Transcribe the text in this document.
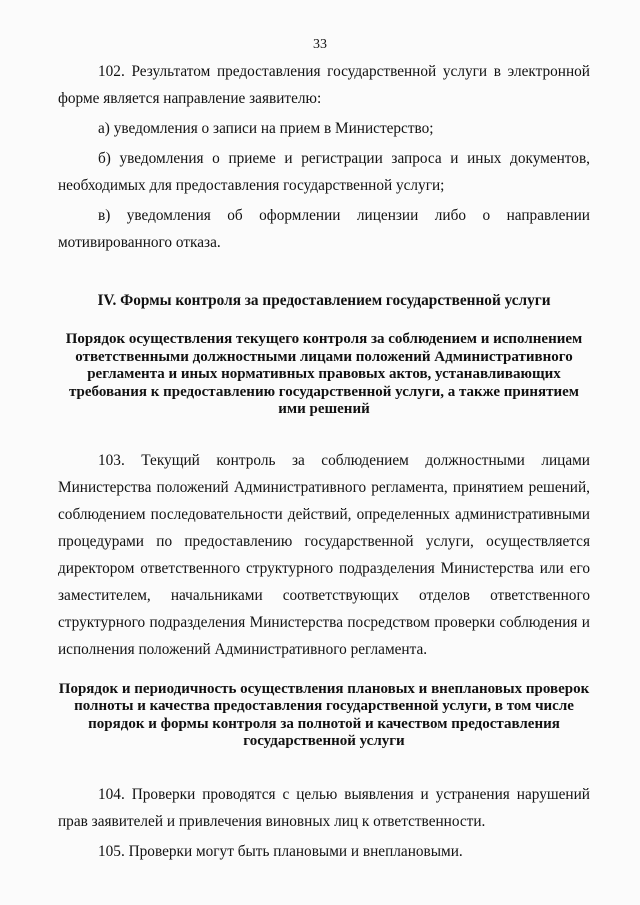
33

102. Результатом предоставления государственной услуги в электронной форме является направление заявителю:

а) уведомления о записи на прием в Министерство;

б) уведомления о приеме и регистрации запроса и иных документов, необходимых для предоставления государственной услуги;

в) уведомления об оформлении лицензии либо о направлении мотивированного отказа.

IV. Формы контроля за предоставлением государственной услуги
Порядок осуществления текущего контроля за соблюдением и исполнением ответственными должностными лицами положений Административного регламента и иных нормативных правовых актов, устанавливающих требования к предоставлению государственной услуги, а также принятием ими решений

103. Текущий контроль за соблюдением должностными лицами Министерства положений Административного регламента, принятием решений, соблюдением последовательности действий, определенных административными процедурами по предоставлению государственной услуги, осуществляется директором ответственного структурного подразделения Министерства или его заместителем, начальниками соответствующих отделов ответственного структурного подразделения Министерства посредством проверки соблюдения и исполнения положений Административного регламента.

Порядок и периодичность осуществления плановых и внеплановых проверок полноты и качества предоставления государственной услуги, в том числе порядок и формы контроля за полнотой и качеством предоставления государственной услуги

104. Проверки проводятся с целью выявления и устранения нарушений прав заявителей и привлечения виновных лиц к ответственности.

105. Проверки могут быть плановыми и внеплановыми.
